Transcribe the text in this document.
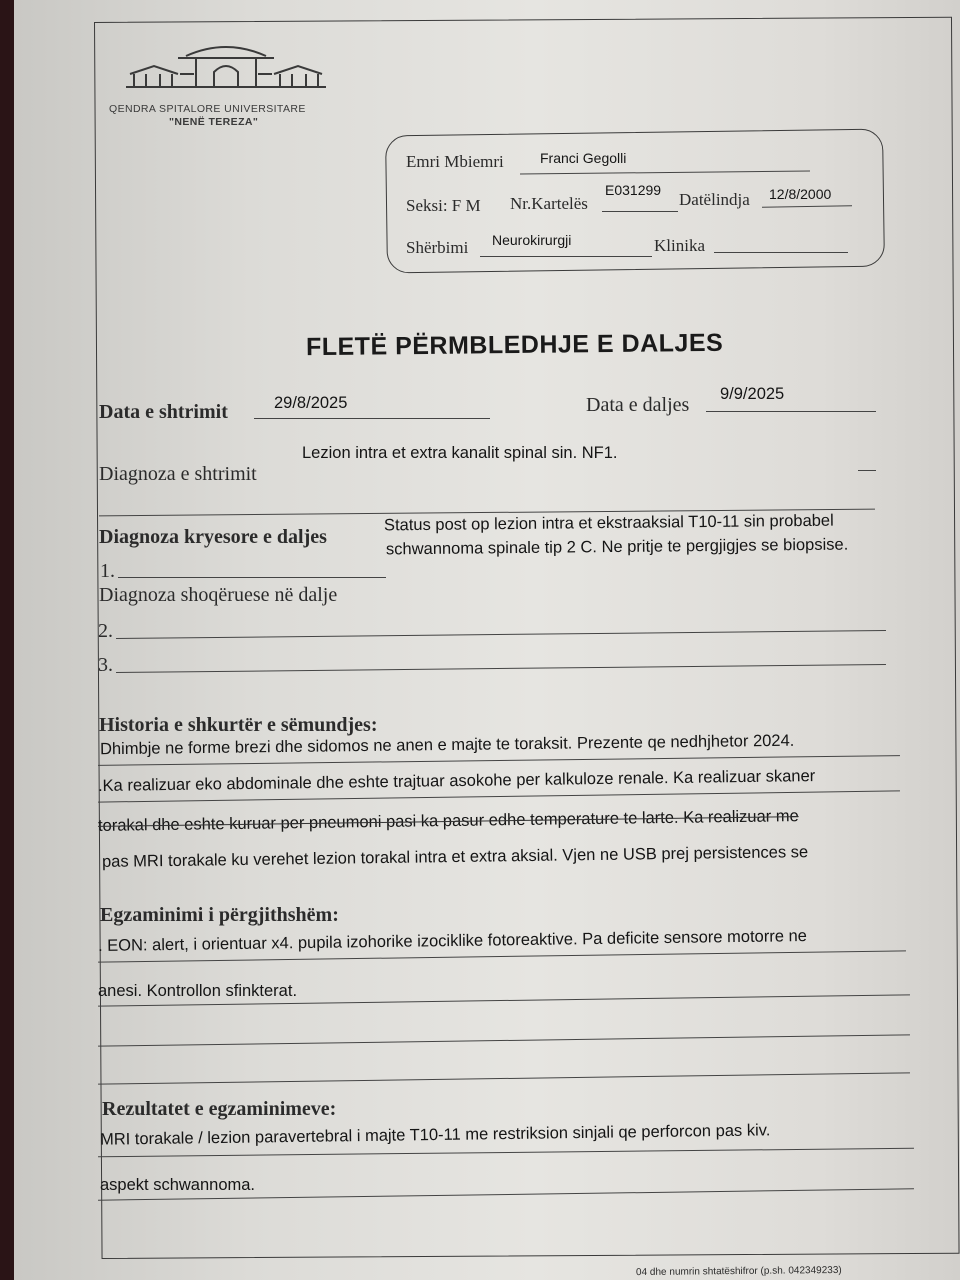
QENDRA SPITALORE UNIVERSITARE
"NENË TEREZA"
Emri Mbiemri	Franci Gegolli
Seksi: F M Nr.Kartelës
E031299 Datëlindja 12/8/2000
Shërbimi Neurokirurgji	Klinika
FLETË PËRMBLEDHJE E DALJES
Data e shtrimit	29/8/2025	Data e daljes 9/9/2025
Diagnoza e shtrimit
Lezion intra et extra kanalit spinal sin. NF1.
Diagnoza kryesore e daljes
Status post op lezion intra et ekstraaksial T10-11 sin probabel
schwannoma spinale tip 2 C. Ne pritje te pergjigjes se biopsise.
1.
Diagnoza shoqëruese në dalje
2.
3.
Historia e shkurtër e sëmundjes:
Dhimbje ne forme brezi dhe sidomos ne anen e majte te toraksit. Prezente qe nedhjhetor 2024.
.Ka realizuar eko abdominale dhe eshte trajtuar asokohe per kalkuloze renale. Ka realizuar skaner
torakal dhe eshte kuruar per pneumoni pasi ka pasur edhe temperature te larte. Ka realizuar me
pas MRI torakale ku verehet lezion torakal intra et extra aksial. Vjen ne USB prej persistences se
Egzaminimi i përgjithshëm:
. EON: alert, i orientuar x4. pupila izohorike izociklike fotoreaktive. Pa deficite sensore motorre ne
anesi. Kontrollon sfinkterat.
Rezultatet e egzaminimeve:
MRI torakale / lezion paravertebral i majte T10-11 me restriksion sinjali qe perforcon pas kiv.
aspekt schwannoma.
04 dhe numrin shtatëshifror (p.sh. 042349233)
